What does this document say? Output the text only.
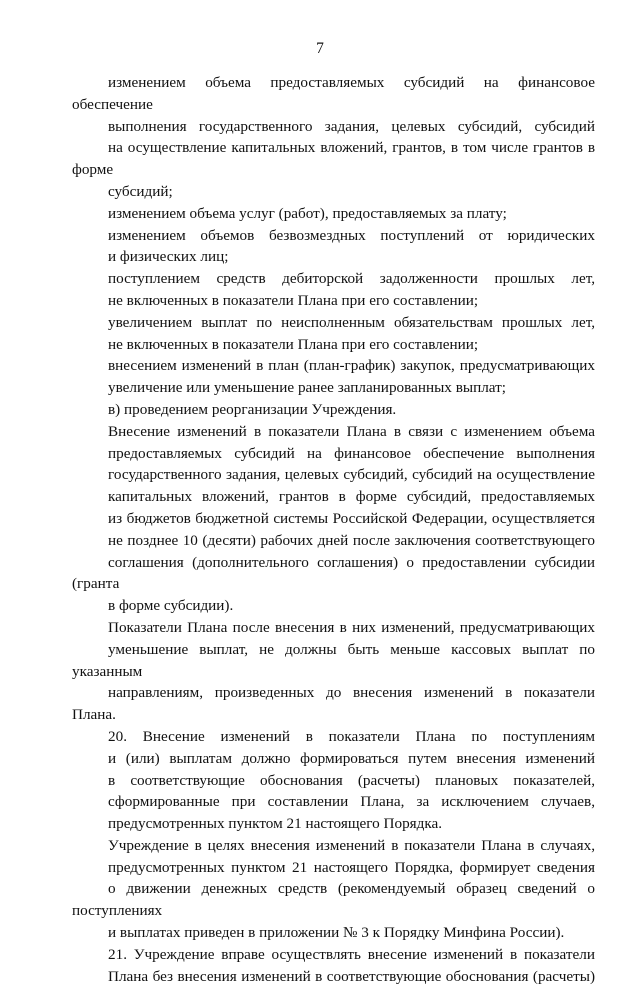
7
изменением объема предоставляемых субсидий на финансовое обеспечение
выполнения государственного задания, целевых субсидий, субсидий
на осуществление капитальных вложений, грантов, в том числе грантов в форме
субсидий;
изменением объема услуг (работ), предоставляемых за плату;
изменением объемов безвозмездных поступлений от юридических
и физических лиц;
поступлением средств дебиторской задолженности прошлых лет,
не включенных в показатели Плана при его составлении;
увеличением выплат по неисполненным обязательствам прошлых лет,
не включенных в показатели Плана при его составлении;
внесением изменений в план (план-график) закупок, предусматривающих
увеличение или уменьшение ранее запланированных выплат;
в) проведением реорганизации Учреждения.
Внесение изменений в показатели Плана в связи с изменением объема
предоставляемых субсидий на финансовое обеспечение выполнения
государственного задания, целевых субсидий, субсидий на осуществление
капитальных вложений, грантов в форме субсидий, предоставляемых
из бюджетов бюджетной системы Российской Федерации, осуществляется
не позднее 10 (десяти) рабочих дней после заключения соответствующего
соглашения (дополнительного соглашения) о предоставлении субсидии (гранта
в форме субсидии).
Показатели Плана после внесения в них изменений, предусматривающих
уменьшение выплат, не должны быть меньше кассовых выплат по указанным
направлениям, произведенных до внесения изменений в показатели Плана.
20. Внесение изменений в показатели Плана по поступлениям
и (или) выплатам должно формироваться путем внесения изменений
в соответствующие обоснования (расчеты) плановых показателей,
сформированные при составлении Плана, за исключением случаев,
предусмотренных пунктом 21 настоящего Порядка.
Учреждение в целях внесения изменений в показатели Плана в случаях,
предусмотренных пунктом 21 настоящего Порядка, формирует сведения
о движении денежных средств (рекомендуемый образец сведений о поступлениях
и выплатах приведен в приложении № 3 к Порядку Минфина России).
21. Учреждение вправе осуществлять внесение изменений в показатели
Плана без внесения изменений в соответствующие обоснования (расчеты)
